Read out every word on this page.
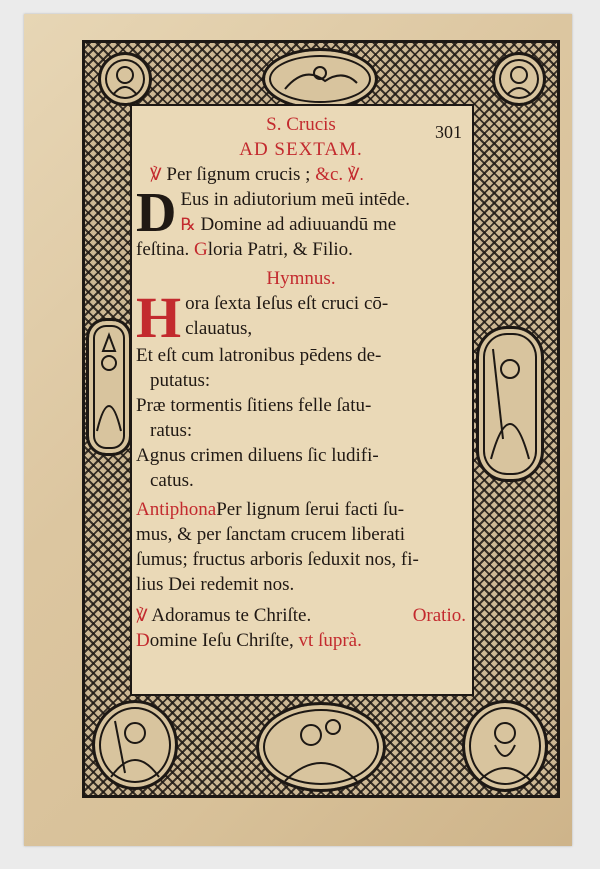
301
S. Crucis
AD SEXTAM.
℣ Per ſignum crucis ; &c. ℣.
D Eus in adiutorium meū intēde.
℞ Domine ad adiuuandū me
feſtina. Gloria Patri, & Filio.
Hymnus.
H ora ſexta Ieſus eſt cruci cō-
clauatus,
Et eſt cum latronibus pēdens de-
putatus:
Præ tormentis ſitiens felle ſatu-
ratus:
Agnus crimen diluens ſic ludifi-
catus.
AntiphonaPer lignum ſerui facti ſu-
mus, & per ſanctam crucem liberati
ſumus; fructus arboris ſeduxit nos, fi-
lius Dei redemit nos.
℣ Adoramus te Chriſte.	Oratio.
Domine Ieſu Chriſte, vt ſuprà.
